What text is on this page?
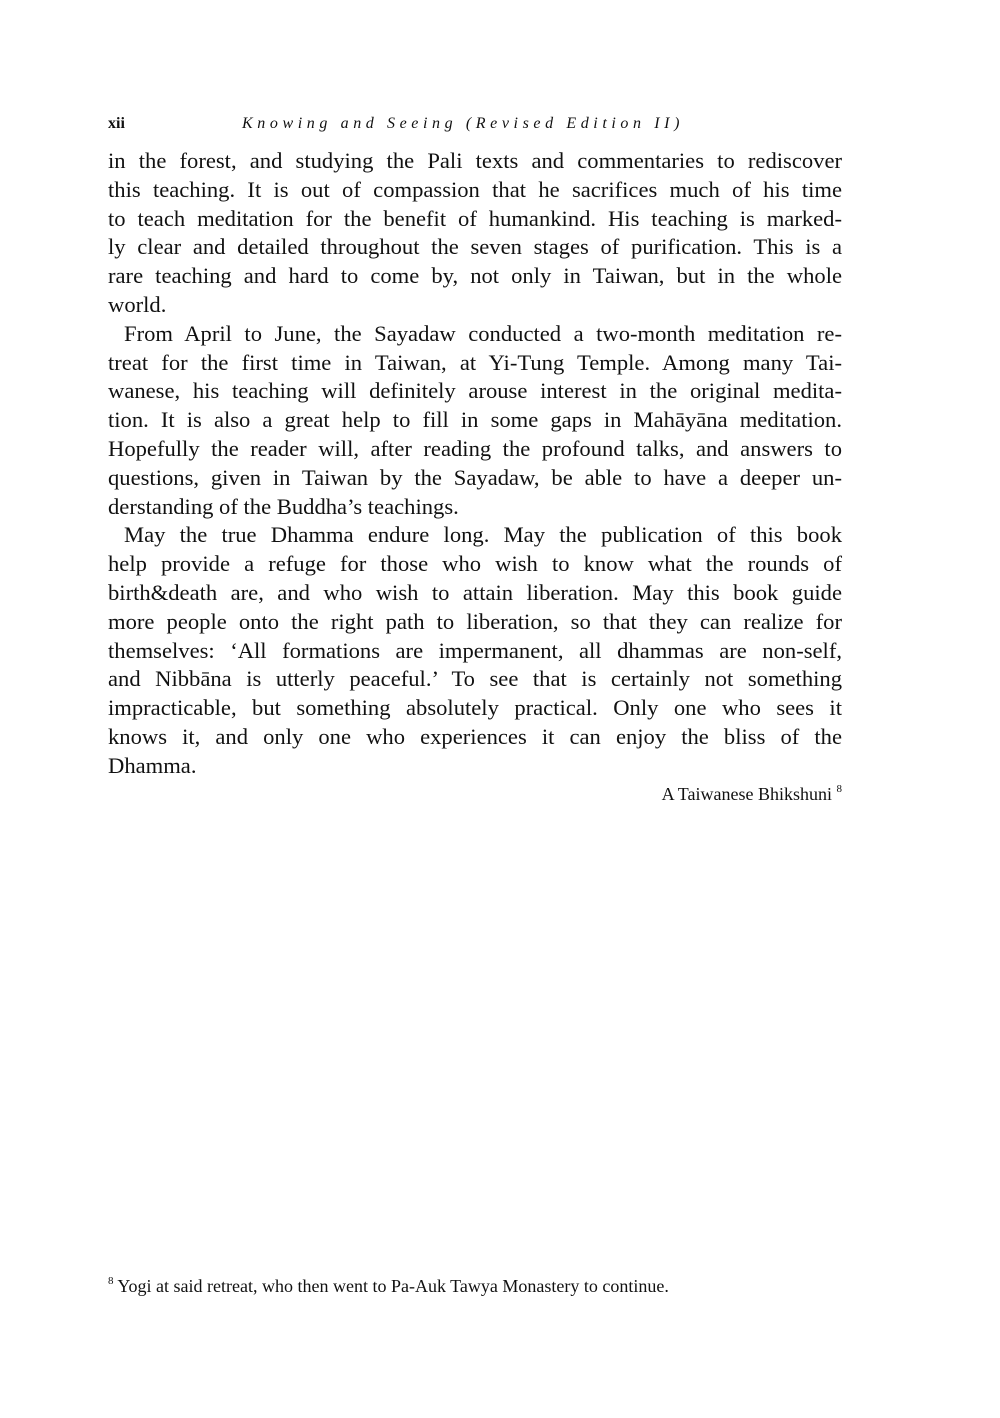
xii	Knowing and Seeing (Revised Edition II)

in the forest, and studying the Pali texts and commentaries to rediscover
this teaching. It is out of compassion that he sacrifices much of his time
to teach meditation for the benefit of humankind. His teaching is marked-
ly clear and detailed throughout the seven stages of purification. This is a
rare teaching and hard to come by, not only in Taiwan, but in the whole
world.

From April to June, the Sayadaw conducted a two-month meditation re-
treat for the first time in Taiwan, at Yi-Tung Temple. Among many Tai-
wanese, his teaching will definitely arouse interest in the original medita-
tion. It is also a great help to fill in some gaps in Mahāyāna meditation.
Hopefully the reader will, after reading the profound talks, and answers to
questions, given in Taiwan by the Sayadaw, be able to have a deeper un-
derstanding of the Buddha’s teachings.

May the true Dhamma endure long. May the publication of this book
help provide a refuge for those who wish to know what the rounds of
birth&death are, and who wish to attain liberation. May this book guide
more people onto the right path to liberation, so that they can realize for
themselves: ‘All formations are impermanent, all dhammas are non-self,
and Nibbāna is utterly peaceful.’ To see that is certainly not something
impracticable, but something absolutely practical. Only one who sees it
knows it, and only one who experiences it can enjoy the bliss of the
Dhamma.

A Taiwanese Bhikshuni $^8$
$^8$ Yogi at said retreat, who then went to Pa-Auk Tawya Monastery to continue.
